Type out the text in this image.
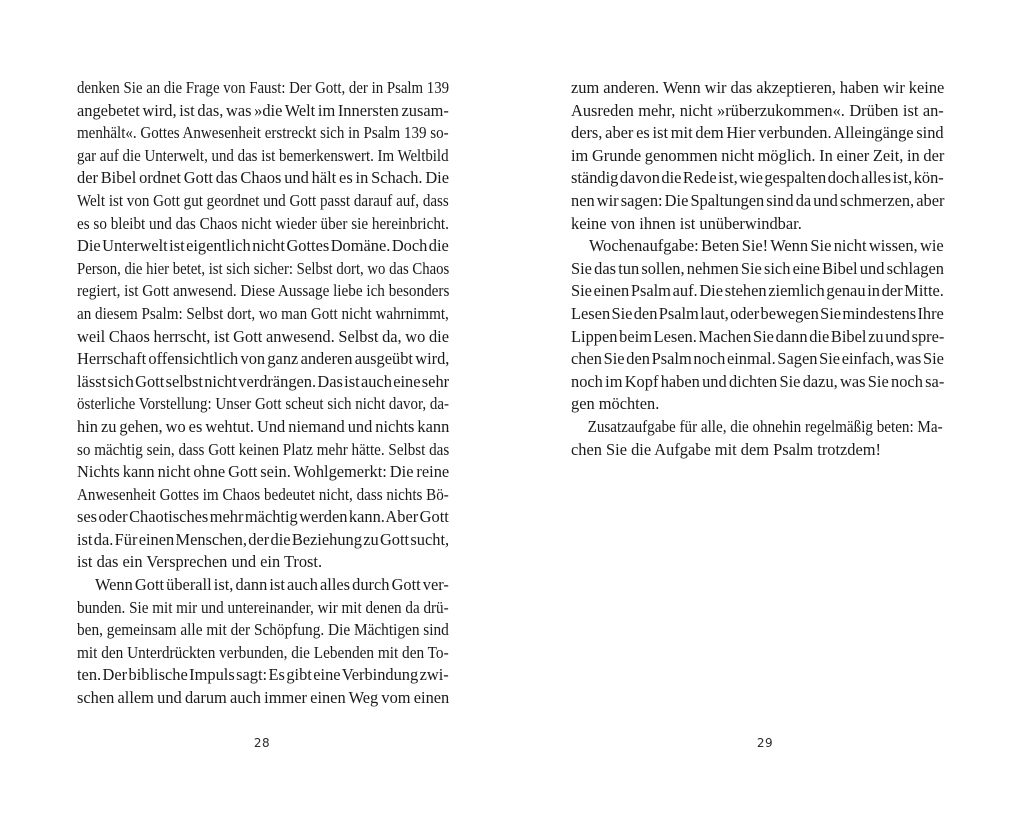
denken Sie an die Frage von Faust: Der Gott, der in Psalm 139
angebetet wird, ist das, was »die Welt im Innersten zusam-
menhält«. Gottes Anwesenheit erstreckt sich in Psalm 139 so-
gar auf die Unterwelt, und das ist bemerkenswert. Im Weltbild
der Bibel ordnet Gott das Chaos und hält es in Schach. Die
Welt ist von Gott gut geordnet und Gott passt darauf auf, dass
es so bleibt und das Chaos nicht wieder über sie hereinbricht.
Die Unterwelt ist eigentlich nicht Gottes Domäne. Doch die
Person, die hier betet, ist sich sicher: Selbst dort, wo das Chaos
regiert, ist Gott anwesend. Diese Aussage liebe ich besonders
an diesem Psalm: Selbst dort, wo man Gott nicht wahrnimmt,
weil Chaos herrscht, ist Gott anwesend. Selbst da, wo die
Herrschaft offensichtlich von ganz anderen ausgeübt wird,
lässt sich Gott selbst nicht verdrängen. Das ist auch eine sehr
österliche Vorstellung: Unser Gott scheut sich nicht davor, da-
hin zu gehen, wo es wehtut. Und niemand und nichts kann
so mächtig sein, dass Gott keinen Platz mehr hätte. Selbst das
Nichts kann nicht ohne Gott sein. Wohlgemerkt: Die reine
Anwesenheit Gottes im Chaos bedeutet nicht, dass nichts Bö-
ses oder Chaotisches mehr mächtig werden kann. Aber Gott
ist da. Für einen Menschen, der die Beziehung zu Gott sucht,
ist das ein Versprechen und ein Trost.
Wenn Gott überall ist, dann ist auch alles durch Gott ver-
bunden. Sie mit mir und untereinander, wir mit denen da drü-
ben, gemeinsam alle mit der Schöpfung. Die Mächtigen sind
mit den Unterdrückten verbunden, die Lebenden mit den To-
ten. Der biblische Impuls sagt: Es gibt eine Verbindung zwi-
schen allem und darum auch immer einen Weg vom einen
28
zum anderen. Wenn wir das akzeptieren, haben wir keine
Ausreden mehr, nicht »rüberzukommen«. Drüben ist an-
ders, aber es ist mit dem Hier verbunden. Alleingänge sind
im Grunde genommen nicht möglich. In einer Zeit, in der
ständig davon die Rede ist, wie gespalten doch alles ist, kön-
nen wir sagen: Die Spaltungen sind da und schmerzen, aber
keine von ihnen ist unüberwindbar.
Wochenaufgabe: Beten Sie! Wenn Sie nicht wissen, wie
Sie das tun sollen, nehmen Sie sich eine Bibel und schlagen
Sie einen Psalm auf. Die stehen ziemlich genau in der Mitte.
Lesen Sie den Psalm laut, oder bewegen Sie mindestens Ihre
Lippen beim Lesen. Machen Sie dann die Bibel zu und spre-
chen Sie den Psalm noch einmal. Sagen Sie einfach, was Sie
noch im Kopf haben und dichten Sie dazu, was Sie noch sa-
gen möchten.
Zusatzaufgabe für alle, die ohnehin regelmäßig beten: Ma-
chen Sie die Aufgabe mit dem Psalm trotzdem!
29
